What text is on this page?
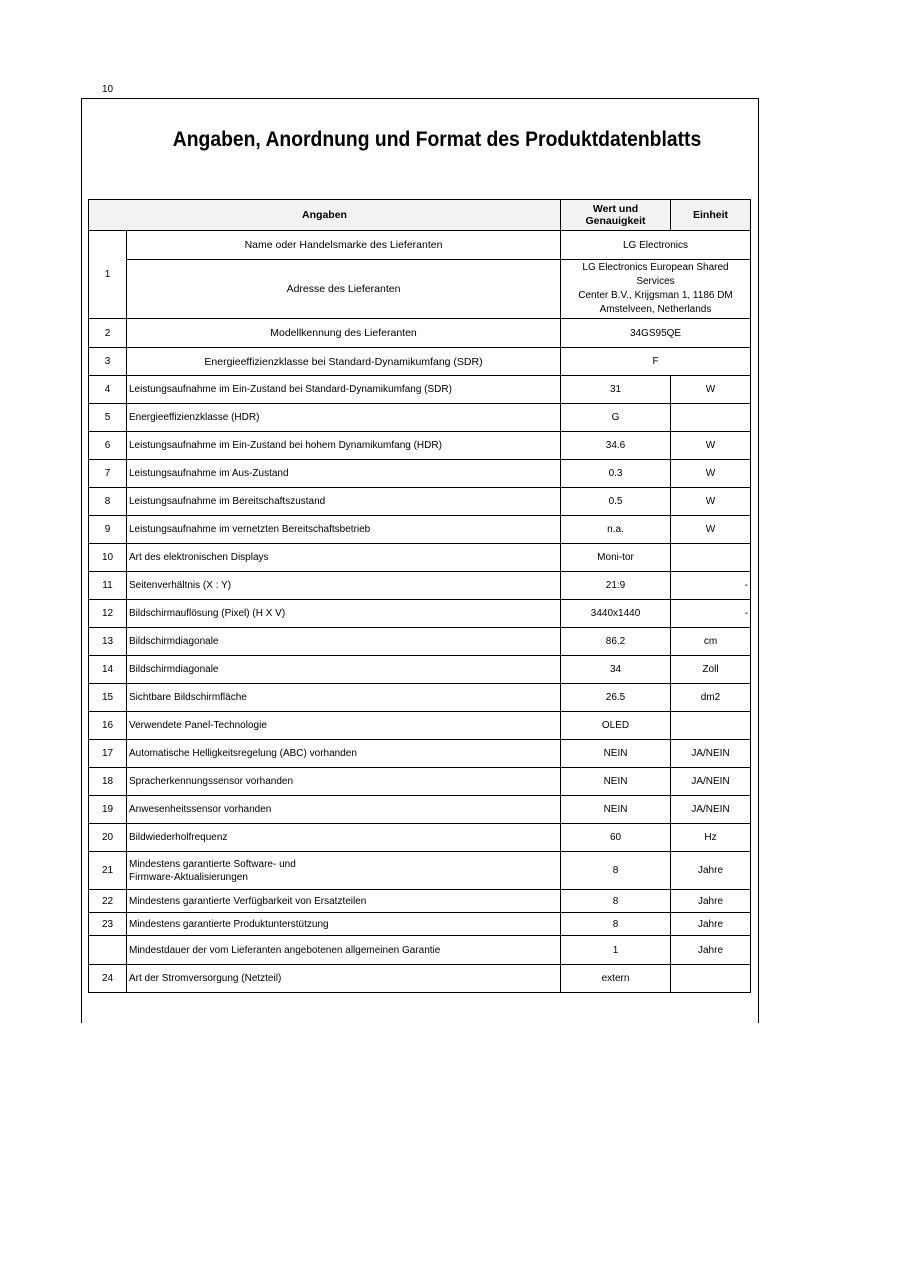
10
Angaben, Anordnung und Format des Produktdatenblatts
Angaben		Wert und Genauigkeit	Einheit
1	Name oder Handelsmarke des Lieferanten	LG Electronics	
	Adresse des Lieferanten	LG Electronics European Shared Services
Center B.V., Krijgsman 1, 1186 DM
Amstelveen, Netherlands	

2	Modellkennung des Lieferanten	34GS95QE	
3	Energieeffizienzklasse bei Standard-Dynamikumfang (SDR)	F	
4	Leistungsaufnahme im Ein-Zustand bei Standard-Dynamikumfang (SDR)	31	W
5	Energieeffizienzklasse (HDR)	G	
6	Leistungsaufnahme im Ein-Zustand bei hohem Dynamikumfang (HDR)	34.6	W
7	Leistungsaufnahme im Aus-Zustand	0.3	W
8	Leistungsaufnahme im Bereitschaftszustand	0.5	W
9	Leistungsaufnahme im vernetzten Bereitschaftsbetrieb	n.a.	W
10	Art des elektronischen Displays	Moni-tor	
11	Seitenverhältnis (X : Y)	21:9	-
12	Bildschirmauflösung (Pixel) (H X V)	3440x1440	-
13	Bildschirmdiagonale	86.2	cm
14	Bildschirmdiagonale	34	Zoll
15	Sichtbare Bildschirmfläche	26.5	dm2
16	Verwendete Panel-Technologie	OLED	
17	Automatische Helligkeitsregelung (ABC) vorhanden	NEIN	JA/NEIN
18	Spracherkennungssensor vorhanden	NEIN	JA/NEIN
19	Anwesenheitssensor vorhanden	NEIN	JA/NEIN
20	Bildwiederholfrequenz	60	Hz
21	Mindestens garantierte Software- und
Firmware-Aktualisierungen	8	Jahre
22	Mindestens garantierte Verfügbarkeit von Ersatzteilen	8	Jahre
23	Mindestens garantierte Produktunterstützung	8	Jahre
	Mindestdauer der vom Lieferanten angebotenen allgemeinen Garantie	1	Jahre
24	Art der Stromversorgung (Netzteil)	extern	
